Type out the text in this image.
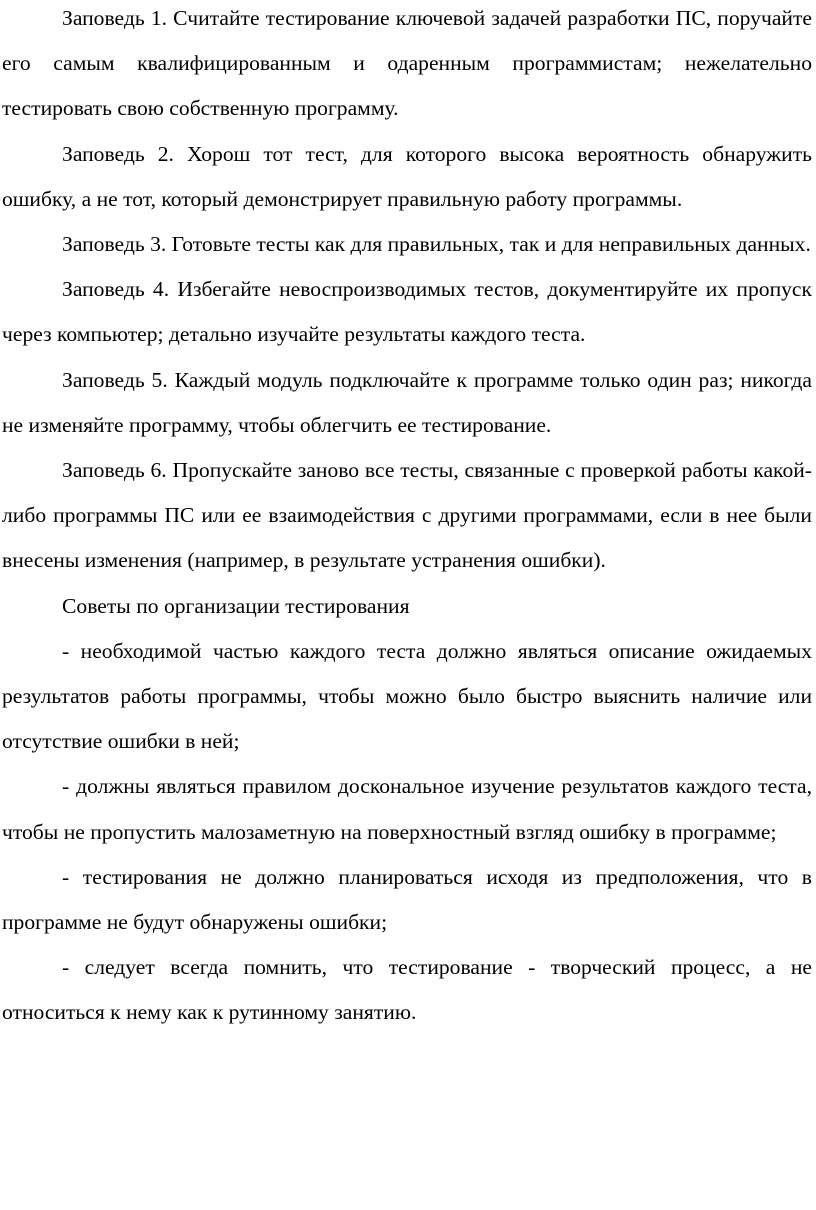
Заповедь 1. Считайте тестирование ключевой задачей разработки ПС, поручайте его самым квалифицированным и одаренным программистам; нежелательно тестировать свою собственную программу.

Заповедь 2. Хорош тот тест, для которого высока вероятность обнаружить ошибку, а не тот, который демонстрирует правильную работу программы.

Заповедь 3. Готовьте тесты как для правильных, так и для неправильных данных.

Заповедь 4. Избегайте невоспроизводимых тестов, документируйте их пропуск через компьютер; детально изучайте результаты каждого теста.

Заповедь 5. Каждый модуль подключайте к программе только один раз; никогда не изменяйте программу, чтобы облегчить ее тестирование.

Заповедь 6. Пропускайте заново все тесты, связанные с проверкой работы какой-либо программы ПС или ее взаимодействия с другими программами, если в нее были внесены изменения (например, в результате устранения ошибки).

Советы по организации тестирования

- необходимой частью каждого теста должно являться описание ожидаемых результатов работы программы, чтобы можно было быстро выяснить наличие или отсутствие ошибки в ней;

- должны являться правилом доскональное изучение результатов каждого теста, чтобы не пропустить малозаметную на поверхностный взгляд ошибку в программе;

- тестирования не должно планироваться исходя из предположения, что в программе не будут обнаружены ошибки;

- следует всегда помнить, что тестирование - творческий процесс, а не относиться к нему как к рутинному занятию.
